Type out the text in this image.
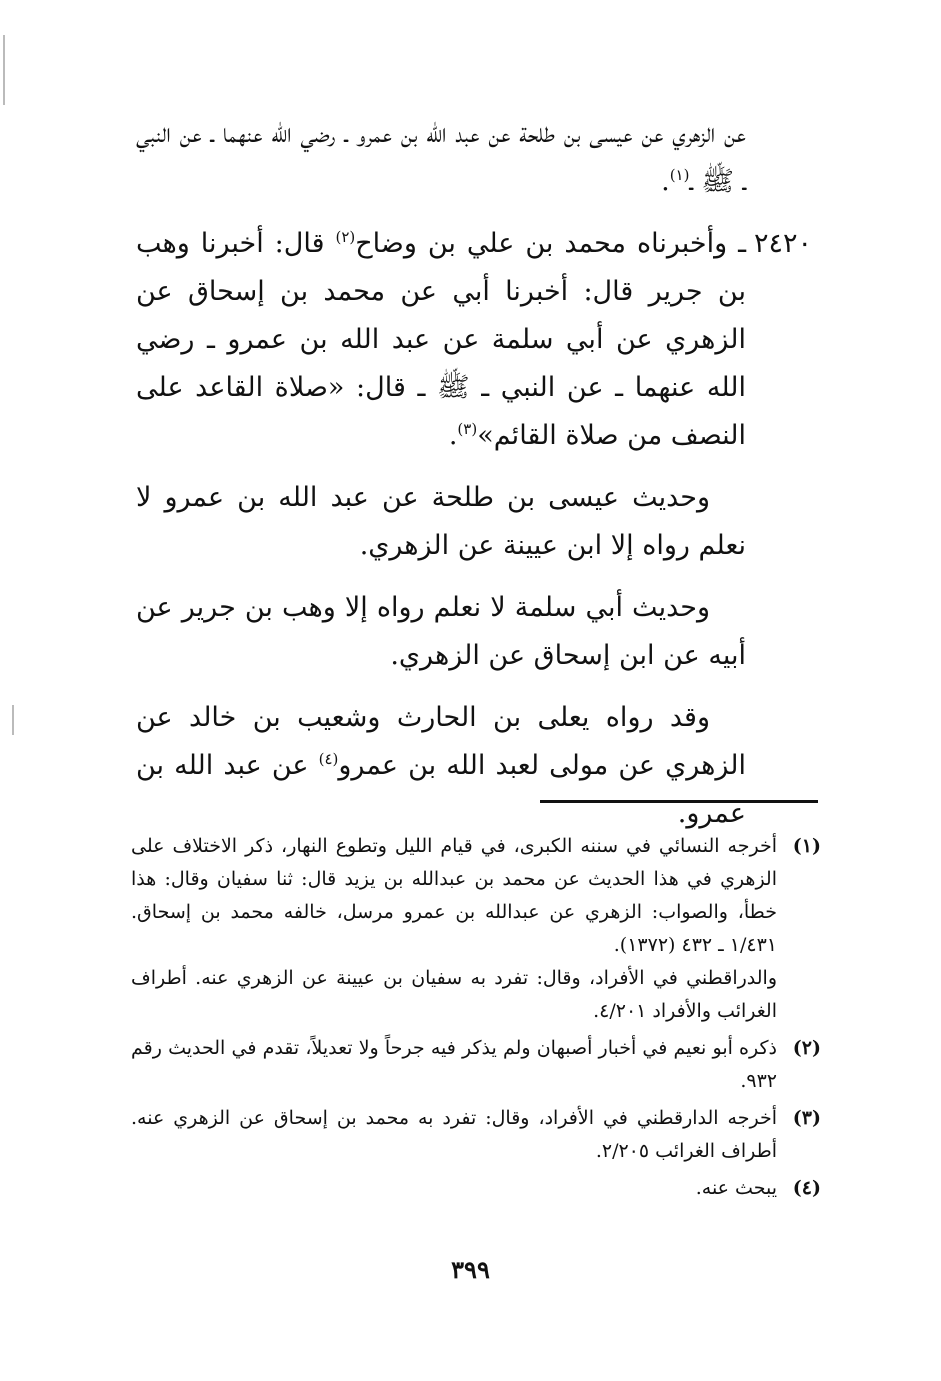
عن الزهري عن عيسى بن طلحة عن عبد الله بن عمرو ـ رضي الله عنهما ـ عن النبي ـ ﷺ ـ$^{(١)}$.

٢٤٢٠
ـ وأخبرناه محمد بن علي بن وضاح$^{(٢)}$ قال: أخبرنا وهب بن جرير قال: أخبرنا أبي عن محمد بن إسحاق عن الزهري عن أبي سلمة عن عبد الله بن عمرو ـ رضي الله عنهما ـ عن النبي ـ ﷺ ـ قال: «صلاة القاعد على النصف من صلاة القائم»$^{(٣)}$.

وحديث عيسى بن طلحة عن عبد الله بن عمرو لا نعلم رواه إلا ابن عيينة عن الزهري.

وحديث أبي سلمة لا نعلم رواه إلا وهب بن جرير عن أبيه عن ابن إسحاق عن الزهري.

وقد رواه يعلى بن الحارث وشعيب بن خالد عن الزهري عن مولى لعبد الله بن عمرو$^{(٤)}$ عن عبد الله بن عمرو.

(١)

أخرجه النسائي في سننه الكبرى، في قيام الليل وتطوع النهار، ذكر الاختلاف على الزهري في هذا الحديث عن محمد بن عبدالله بن يزيد قال: ثنا سفيان وقال: هذا خطأ، والصواب: الزهري عن عبدالله بن عمرو مرسل، خالفه محمد بن إسحاق. ١/٤٣١ ـ ٤٣٢ (١٣٧٢).

والدراقطني في الأفراد، وقال: تفرد به سفيان بن عيينة عن الزهري عنه. أطراف الغرائب والأفراد ٤/٢٠١.

(٢)

ذكره أبو نعيم في أخبار أصبهان ولم يذكر فيه جرحاً ولا تعديلاً، تقدم في الحديث رقم ٩٣٢.

(٣)

أخرجه الدارقطني في الأفراد، وقال: تفرد به محمد بن إسحاق عن الزهري عنه. أطراف الغرائب ٢/٢٠٥.

(٤)

يبحث عنه.

٣٩٩
